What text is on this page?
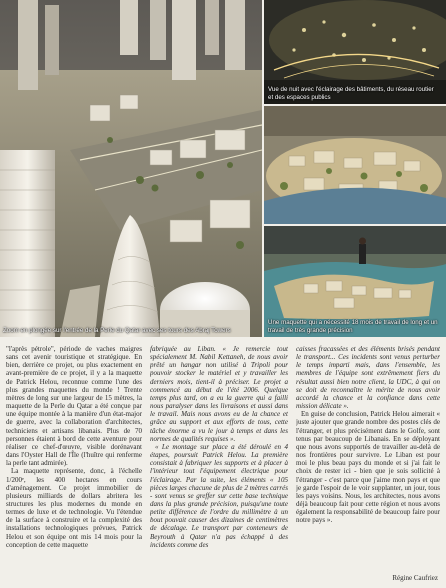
Zoom en plongée sur l'entrée de la Perle du Qatar avec ses tours des Abraj Towers
Vue de nuit avec l'éclairage des bâtiments, du réseau routier et des espaces publics
Une maquette qui a nécessité 18 mois de travail de long et un travail de très grande précision

"l'après pétrole", période de vaches maigres sans cet avenir touristique et stratégique. En bien, derrière ce projet, ou plus exactement en avant-première de ce projet, il y a la maquette de Patrick Helou, reconnue comme l'une des plus grandes maquettes du monde ! Trente mètres de long sur une largeur de 15 mètres, la maquette de la Perle du Qatar a été conçue par une équipe montée à la manière d'un état-major de guerre, avec la collaboration d'architectes, techniciens et artisans libanais. Plus de 70 personnes étaient à bord de cette aventure pour réaliser ce chef-d'œuvre, visible dorénavant dans l'Oyster Hall de l'Île (l'huître qui renferme la perle tant admirée).

La maquette représente, donc, à l'échelle 1/200ᵉ, les 400 hectares en cours d'aménagement. Ce projet immobilier de plusieurs milliards de dollars abritera les structures les plus modernes du monde en termes de luxe et de technologie. Vu l'étendue de la surface à construire et la complexité des installations technologiques prévues, Patrick Helou et son équipe ont mis 14 mois pour la conception de cette maquette

fabriquée au Liban. « Je remercie tout spécialement M. Nabil Kettaneh, de nous avoir prêté un hangar non utilisé à Tripoli pour pouvoir stocker le matériel et y travailler les derniers mois, tient-il à préciser. Le projet a commencé au début de l'été 2006. Quelque temps plus tard, on a eu la guerre qui a failli nous paralyser dans les livraisons et aussi dans le travail. Mais nous avons eu de la chance et grâce au support et aux efforts de tous, cette tâche énorme a vu le jour à temps et dans les normes de qualités requises ».

« Le montage sur place a été déroulé en 4 étapes, poursuit Patrick Helou. La première consistait à fabriquer les supports et à placer à l'intérieur tout l'équipement électrique pour l'éclairage. Par la suite, les éléments « 105 pièces larges chacune de plus de 2 mètres carrés - sont venus se greffer sur cette base technique dans la plus grande précision, puisqu'une toute petite différence de l'ordre du millimètre à un bout pouvait causer des dizaines de centimètres de décalage. Le transport par conteneurs de Beyrouth à Qatar n'a pas échappé à des incidents comme des

caisses fracassées et des éléments brisés pendant le transport... Ces incidents sont venus perturber le temps imparti mais, dans l'ensemble, les membres de l'équipe sont extrêmement fiers du résultat aussi bien notre client, la UDC, à qui on se doit de reconnaître le mérite de nous avoir accordé la chance et la confiance dans cette mission délicate ».

En guise de conclusion, Patrick Helou aimerait « juste ajouter que grande nombre des postes clés de l'étranger, et plus précisément dans le Golfe, sont tenus par beaucoup de Libanais. En se déployant que nous avons supportés de travailler au-delà de nos frontières pour survivre. Le Liban est pour moi le plus beau pays du monde et si j'ai fait le choix de rester ici - bien que je sois sollicité à l'étranger - c'est parce que j'aime mon pays et que je garde l'espoir de le voir supplanter, un jour, tous les pays voisins. Nous, les architectes, nous avons déjà beaucoup fait pour cette région et nous avons également la responsabilité de beaucoup faire pour notre pays ».

Régine Caufriez
